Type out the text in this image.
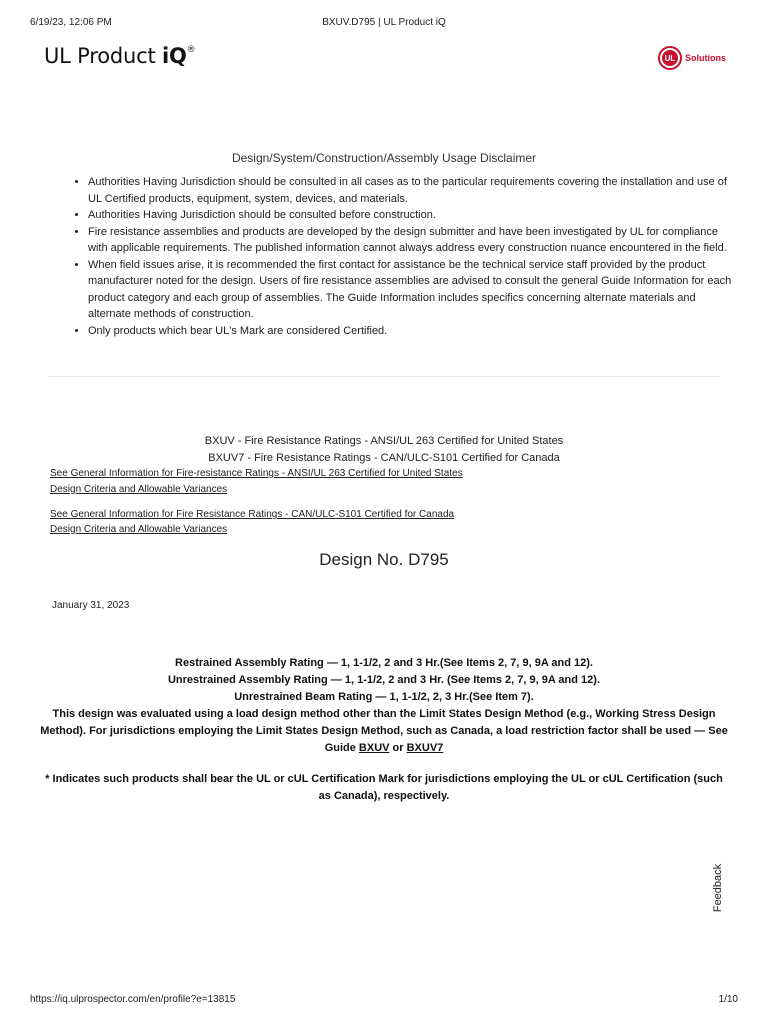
6/19/23, 12:06 PM	BXUV.D795 | UL Product iQ
UL Product iQ®
UL Solutions
Design/System/Construction/Assembly Usage Disclaimer
• Authorities Having Jurisdiction should be consulted in all cases as to the particular requirements covering the installation and use of UL Certified products, equipment, system, devices, and materials.
• Authorities Having Jurisdiction should be consulted before construction.
• Fire resistance assemblies and products are developed by the design submitter and have been investigated by UL for compliance with applicable requirements. The published information cannot always address every construction nuance encountered in the field.
• When field issues arise, it is recommended the first contact for assistance be the technical service staff provided by the product manufacturer noted for the design. Users of fire resistance assemblies are advised to consult the general Guide Information for each product category and each group of assemblies. The Guide Information includes specifics concerning alternate materials and alternate methods of construction.
• Only products which bear UL's Mark are considered Certified.
BXUV - Fire Resistance Ratings - ANSI/UL 263 Certified for United States
BXUV7 - Fire Resistance Ratings - CAN/ULC-S101 Certified for Canada
See General Information for Fire-resistance Ratings - ANSI/UL 263 Certified for United States
Design Criteria and Allowable Variances
See General Information for Fire Resistance Ratings - CAN/ULC-S101 Certified for Canada
Design Criteria and Allowable Variances
Design No. D795
January 31, 2023

Restrained Assembly Rating — 1, 1-1/2, 2 and 3 Hr.(See Items 2, 7, 9, 9A and 12).

Unrestrained Assembly Rating — 1, 1-1/2, 2 and 3 Hr. (See Items 2, 7, 9, 9A and 12).

Unrestrained Beam Rating — 1, 1-1/2, 2, 3 Hr.(See Item 7).

This design was evaluated using a load design method other than the Limit States Design Method (e.g., Working Stress Design Method). For jurisdictions employing the Limit States Design Method, such as Canada, a load restriction factor shall be used — See Guide BXUV or BXUV7

* Indicates such products shall bear the UL or cUL Certification Mark for jurisdictions employing the UL or cUL Certification (such as Canada), respectively.

Feedback
https://iq.ulprospector.com/en/profile?e=13815	1/10
